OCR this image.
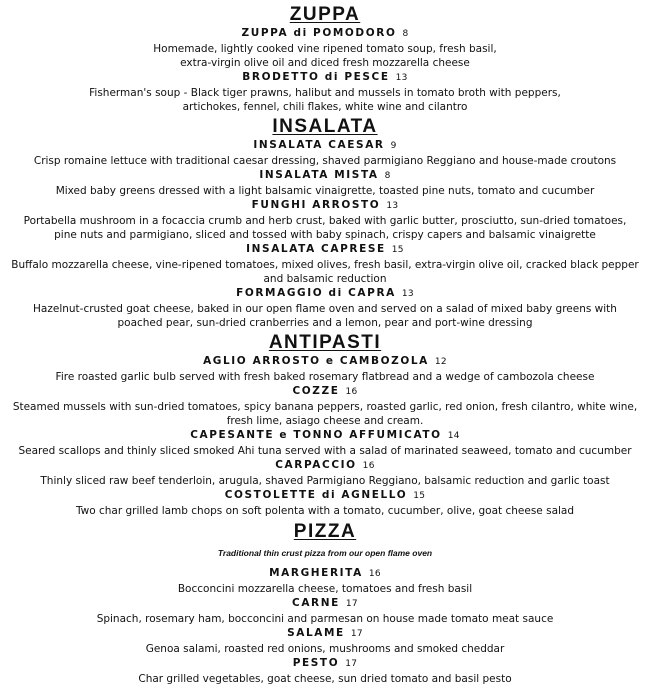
ZUPPA

ZUPPA di POMODORO 8

Homemade, lightly cooked vine ripened tomato soup, fresh basil,

extra-virgin olive oil and diced fresh mozzarella cheese

BRODETTO di PESCE 13

Fisherman's soup - Black tiger prawns, halibut and mussels in tomato broth with peppers,

artichokes, fennel, chili flakes, white wine and cilantro

INSALATA

INSALATA CAESAR 9

Crisp romaine lettuce with traditional caesar dressing, shaved parmigiano Reggiano and house-made croutons

INSALATA MISTA 8

Mixed baby greens dressed with a light balsamic vinaigrette, toasted pine nuts, tomato and cucumber

FUNGHI ARROSTO 13

Portabella mushroom in a focaccia crumb and herb crust, baked with garlic butter, prosciutto, sun-dried tomatoes,

pine nuts and parmigiano, sliced and tossed with baby spinach, crispy capers and balsamic vinaigrette

INSALATA CAPRESE 15

Buffalo mozzarella cheese, vine-ripened tomatoes, mixed olives, fresh basil, extra-virgin olive oil, cracked black pepper

and balsamic reduction

FORMAGGIO di CAPRA 13

Hazelnut-crusted goat cheese, baked in our open flame oven and served on a salad of mixed baby greens with

poached pear, sun-dried cranberries and a lemon, pear and port-wine dressing

ANTIPASTI

AGLIO ARROSTO e CAMBOZOLA 12

Fire roasted garlic bulb served with fresh baked rosemary flatbread and a wedge of cambozola cheese

COZZE 16

Steamed mussels with sun-dried tomatoes, spicy banana peppers, roasted garlic, red onion, fresh cilantro, white wine,

fresh lime, asiago cheese and cream.

CAPESANTE e TONNO AFFUMICATO 14

Seared scallops and thinly sliced smoked Ahi tuna served with a salad of marinated seaweed, tomato and cucumber

CARPACCIO 16

Thinly sliced raw beef tenderloin, arugula, shaved Parmigiano Reggiano, balsamic reduction and garlic toast

COSTOLETTE di AGNELLO 15

Two char grilled lamb chops on soft polenta with a tomato, cucumber, olive, goat cheese salad

PIZZA

Traditional thin crust pizza from our open flame oven

MARGHERITA 16

Bocconcini mozzarella cheese, tomatoes and fresh basil

CARNE 17

Spinach, rosemary ham, bocconcini and parmesan on house made tomato meat sauce

SALAME 17

Genoa salami, roasted red onions, mushrooms and smoked cheddar

PESTO 17

Char grilled vegetables, goat cheese, sun dried tomato and basil pesto
